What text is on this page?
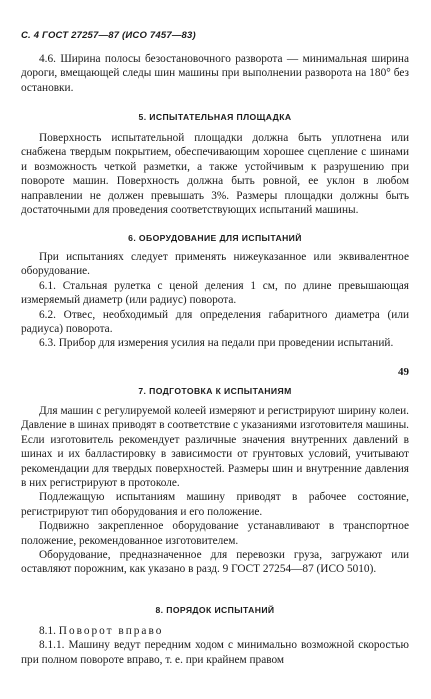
С. 4 ГОСТ 27257—87 (ИСО 7457—83)

4.6. Ширина полосы безостановочного разворота — минимальная ширина дороги, вмещающей следы шин машины при выполнении разворота на 180° без остановки.

5. ИСПЫТАТЕЛЬНАЯ ПЛОЩАДКА

Поверхность испытательной площадки должна быть уплотнена или снабжена твердым покрытием, обеспечивающим хорошее сцепление с шинами и возможность четкой разметки, а также устойчивым к разрушению при повороте машин. Поверхность должна быть ровной, ее уклон в любом направлении не должен превышать 3%. Размеры площадки должны быть достаточными для проведения соответствующих испытаний машины.

6. ОБОРУДОВАНИЕ ДЛЯ ИСПЫТАНИЙ

При испытаниях следует применять нижеуказанное или эквивалентное оборудование.

6.1. Стальная рулетка с ценой деления 1 см, по длине превышающая измеряемый диаметр (или радиус) поворота.

6.2. Отвес, необходимый для определения габаритного диаметра (или радиуса) поворота.

6.3. Прибор для измерения усилия на педали при проведении испытаний.

49

7. ПОДГОТОВКА К ИСПЫТАНИЯМ

Для машин с регулируемой колеей измеряют и регистрируют ширину колеи. Давление в шинах приводят в соответствие с указаниями изготовителя машины. Если изготовитель рекомендует различные значения внутренних давлений в шинах и их балластировку в зависимости от грунтовых условий, учитывают рекомендации для твердых поверхностей. Размеры шин и внутренние давления в них регистрируют в протоколе.

Подлежащую испытаниям машину приводят в рабочее состояние, регистрируют тип оборудования и его положение.

Подвижно закрепленное оборудование устанавливают в транспортное положение, рекомендованное изготовителем.

Оборудование, предназначенное для перевозки груза, загружают или оставляют порожним, как указано в разд. 9 ГОСТ 27254—87 (ИСО 5010).

8. ПОРЯДОК ИСПЫТАНИЙ

8.1. Поворот вправо

8.1.1. Машину ведут передним ходом с минимально возможной скоростью при полном повороте вправо, т. е. при крайнем правом
